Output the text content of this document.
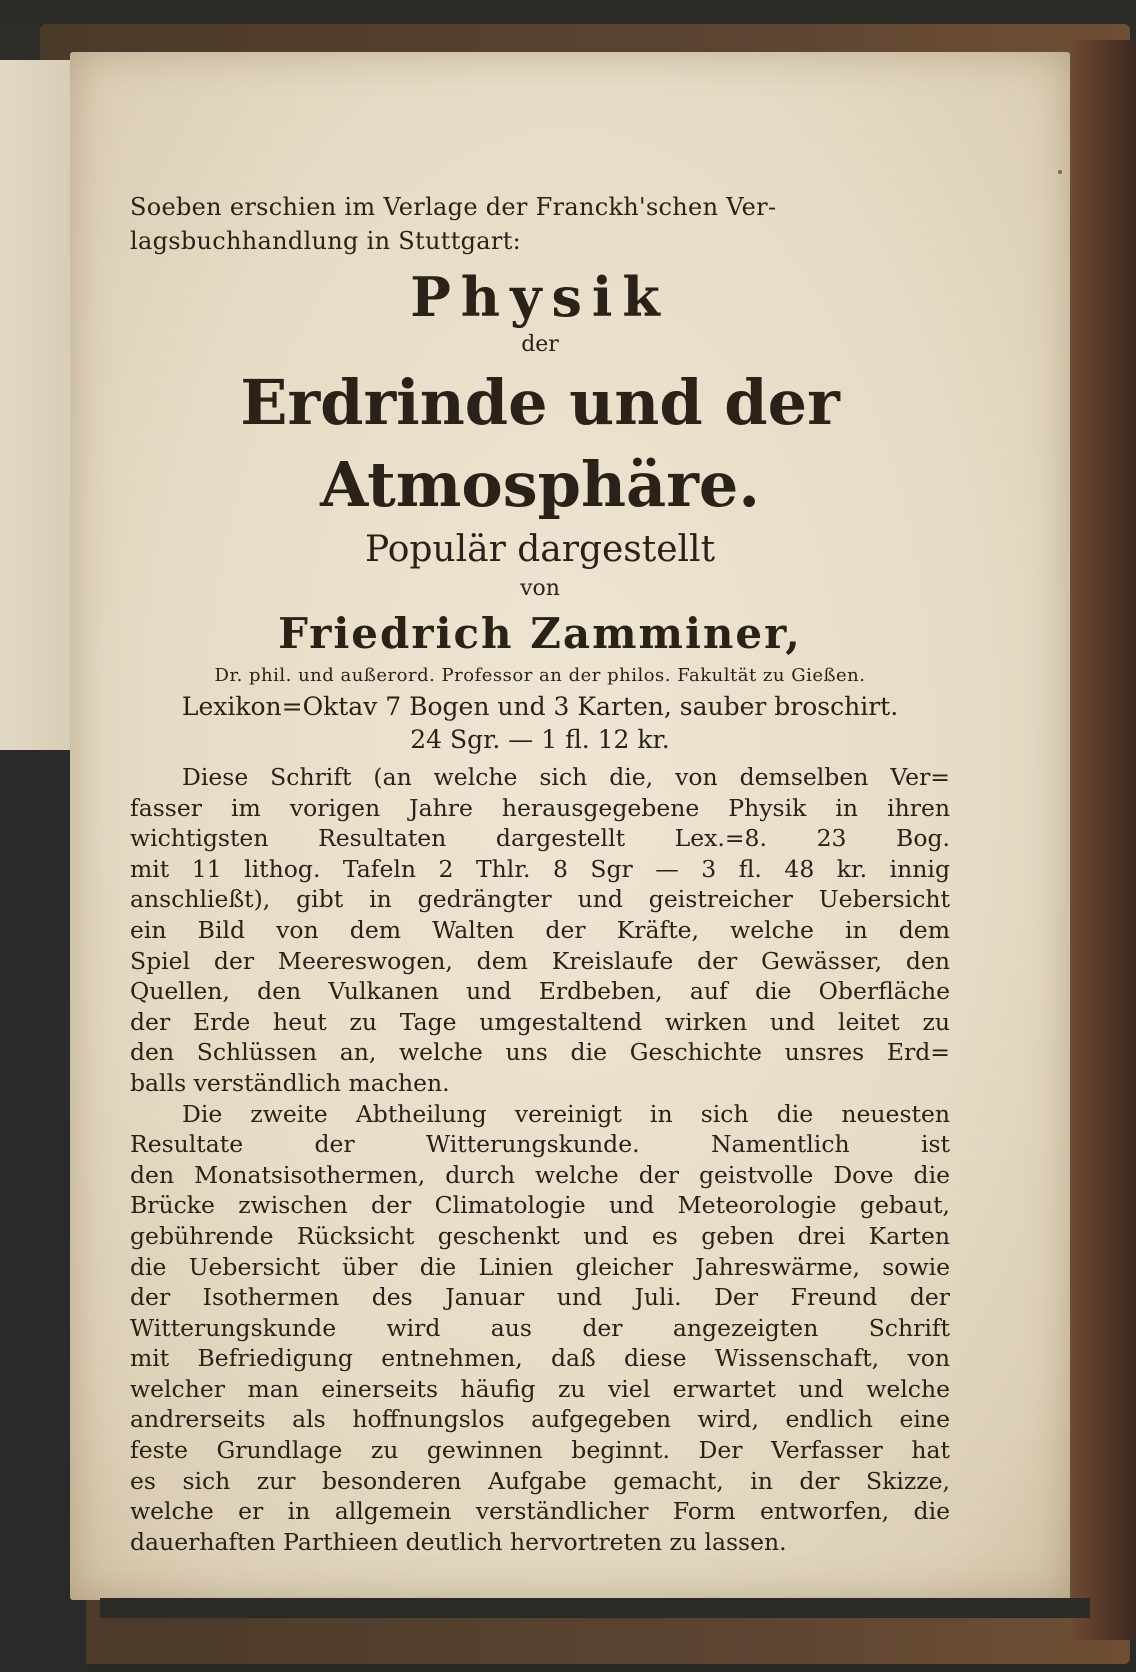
Soeben erschien im Verlage der Franckh'schen Ver-
lagsbuchhandlung in Stuttgart:
Physik
der
Erdrinde und der Atmosphäre.
Populär dargestellt
von
Friedrich Zamminer,
Dr. phil. und außerord. Professor an der philos. Fakultät zu Gießen.
Lexikon=Oktav 7 Bogen und 3 Karten, sauber broschirt.
24 Sgr. — 1 fl. 12 kr.
Diese Schrift (an welche sich die, von demselben Ver=
fasser im vorigen Jahre herausgegebene Physik in ihren
wichtigsten Resultaten dargestellt Lex.=8. 23 Bog.
mit 11 lithog. Tafeln 2 Thlr. 8 Sgr — 3 fl. 48 kr. innig
anschließt), gibt in gedrängter und geistreicher Uebersicht
ein Bild von dem Walten der Kräfte, welche in dem
Spiel der Meereswogen, dem Kreislaufe der Gewässer, den
Quellen, den Vulkanen und Erdbeben, auf die Oberfläche
der Erde heut zu Tage umgestaltend wirken und leitet zu
den Schlüssen an, welche uns die Geschichte unsres Erd=
balls verständlich machen.
Die zweite Abtheilung vereinigt in sich die neuesten
Resultate der Witterungskunde. Namentlich ist
den Monatsisothermen, durch welche der geistvolle Dove die
Brücke zwischen der Climatologie und Meteorologie gebaut,
gebührende Rücksicht geschenkt und es geben drei Karten
die Uebersicht über die Linien gleicher Jahreswärme, sowie
der Isothermen des Januar und Juli. Der Freund der
Witterungskunde wird aus der angezeigten Schrift
mit Befriedigung entnehmen, daß diese Wissenschaft, von
welcher man einerseits häufig zu viel erwartet und welche
andrerseits als hoffnungslos aufgegeben wird, endlich eine
feste Grundlage zu gewinnen beginnt. Der Verfasser hat
es sich zur besonderen Aufgabe gemacht, in der Skizze,
welche er in allgemein verständlicher Form entworfen, die
dauerhaften Parthieen deutlich hervortreten zu lassen.
